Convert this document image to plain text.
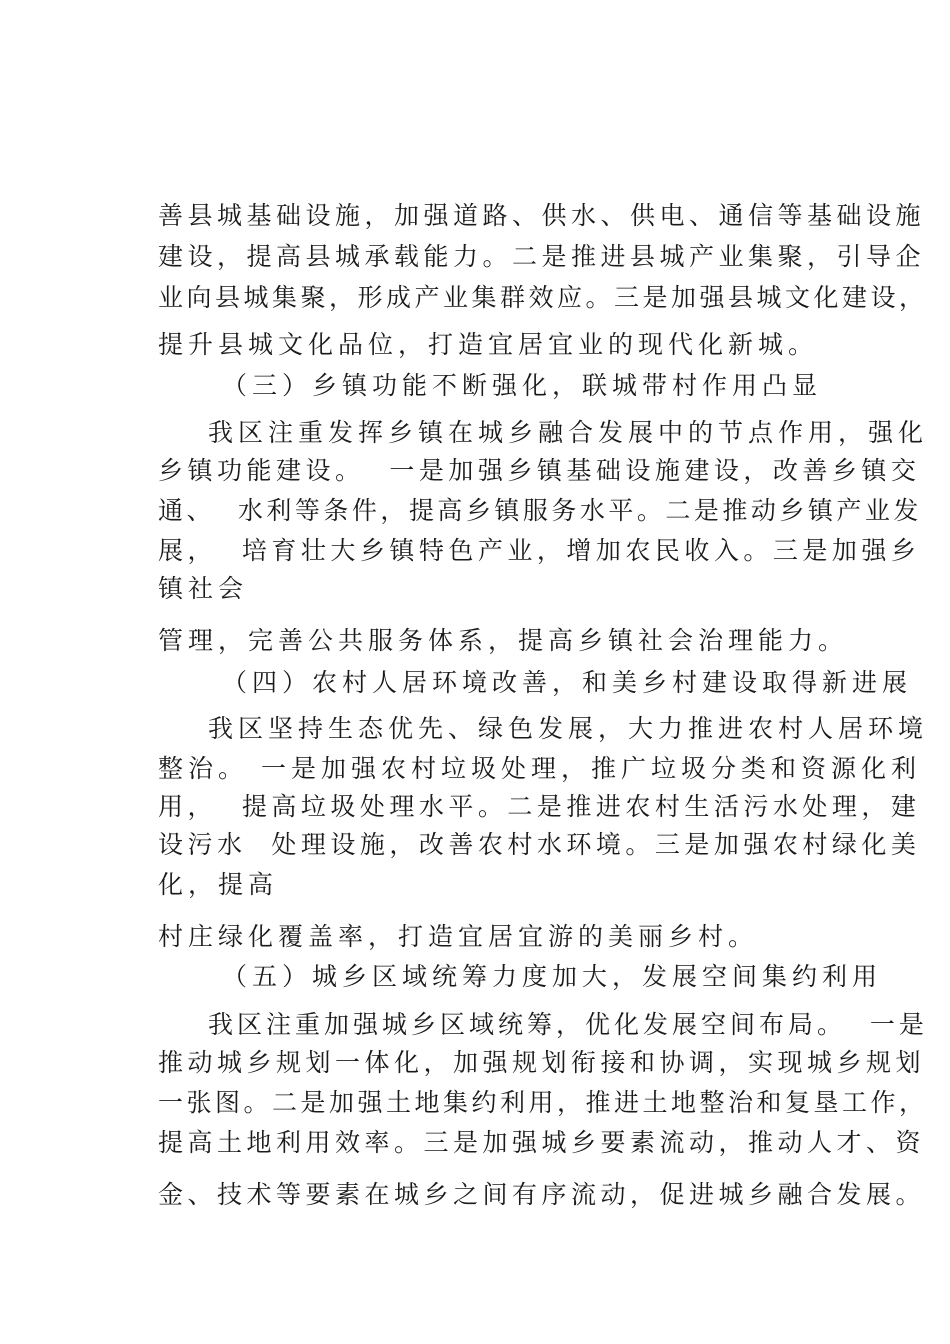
善县城基础设施，加强道路、供水、供电、通信等基础设施
建设，提高县城承载能力。二是推进县城产业集聚，引导企
业向县城集聚，形成产业集群效应。三是加强县城文化建设，
提升县城文化品位，打造宜居宜业的现代化新城。
（三）乡镇功能不断强化，联城带村作用凸显
我区注重发挥乡镇在城乡融合发展中的节点作用，强化
乡镇功能建设。  一是加强乡镇基础设施建设，改善乡镇交
通、  水利等条件，提高乡镇服务水平。二是推动乡镇产业发
展，  培育壮大乡镇特色产业，增加农民收入。三是加强乡
镇社会
管理，完善公共服务体系，提高乡镇社会治理能力。
（四）农村人居环境改善，和美乡村建设取得新进展
我区坚持生态优先、绿色发展，大力推进农村人居环境
整治。 一是加强农村垃圾处理，推广垃圾分类和资源化利
用，  提高垃圾处理水平。二是推进农村生活污水处理，建
设污水  处理设施，改善农村水环境。三是加强农村绿化美
化，提高
村庄绿化覆盖率，打造宜居宜游的美丽乡村。
（五）城乡区域统筹力度加大，发展空间集约利用
我区注重加强城乡区域统筹，优化发展空间布局。  一是
推动城乡规划一体化，加强规划衔接和协调，实现城乡规划
一张图。二是加强土地集约利用，推进土地整治和复垦工作，
提高土地利用效率。三是加强城乡要素流动，推动人才、资
金、技术等要素在城乡之间有序流动，促进城乡融合发展。
